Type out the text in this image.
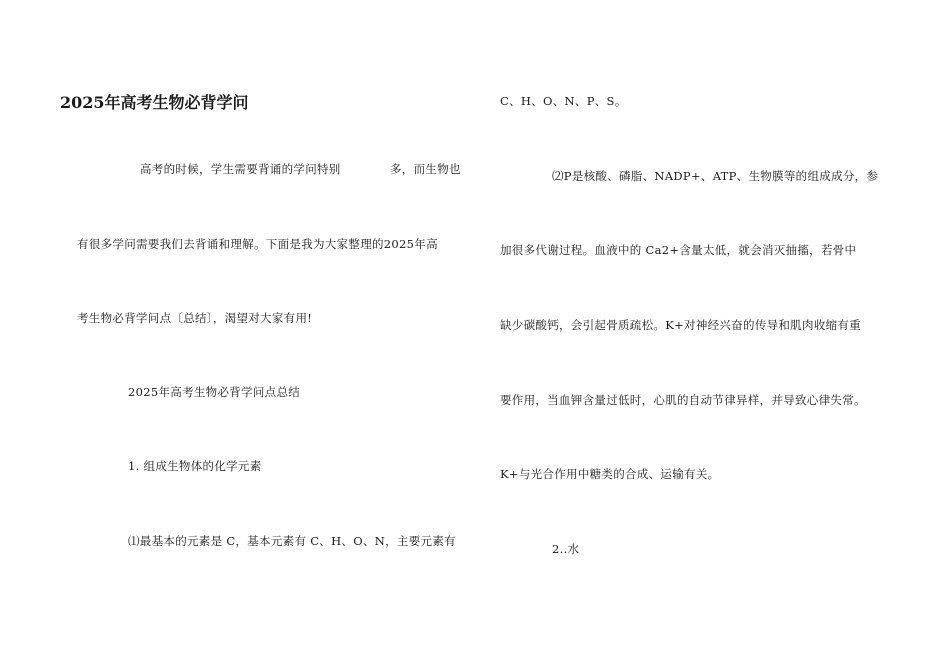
2025年高考生物必背学问
高考的时候，学生需要背诵的学问特别	多，而生物也
有很多学问需要我们去背诵和理解。下面是我为大家整理的2025年高
考生物必背学问点〔总结〕，渴望对大家有用!
2025年高考生物必背学问点总结
1. 组成生物体的化学元素
⑴最基本的元素是 C，基本元素有 C、H、O、N，主要元素有
C、H、O、N、P、S。
⑵P是核酸、磷脂、NADP+、ATP、生物膜等的组成成分，参
加很多代谢过程。血液中的 Ca2+含量太低，就会消灭抽搐，若骨中
缺少碳酸钙，会引起骨质疏松。K+对神经兴奋的传导和肌肉收缩有重
要作用，当血钾含量过低时，心肌的自动节律异样，并导致心律失常。
K+与光合作用中糖类的合成、运输有关。
2..水
